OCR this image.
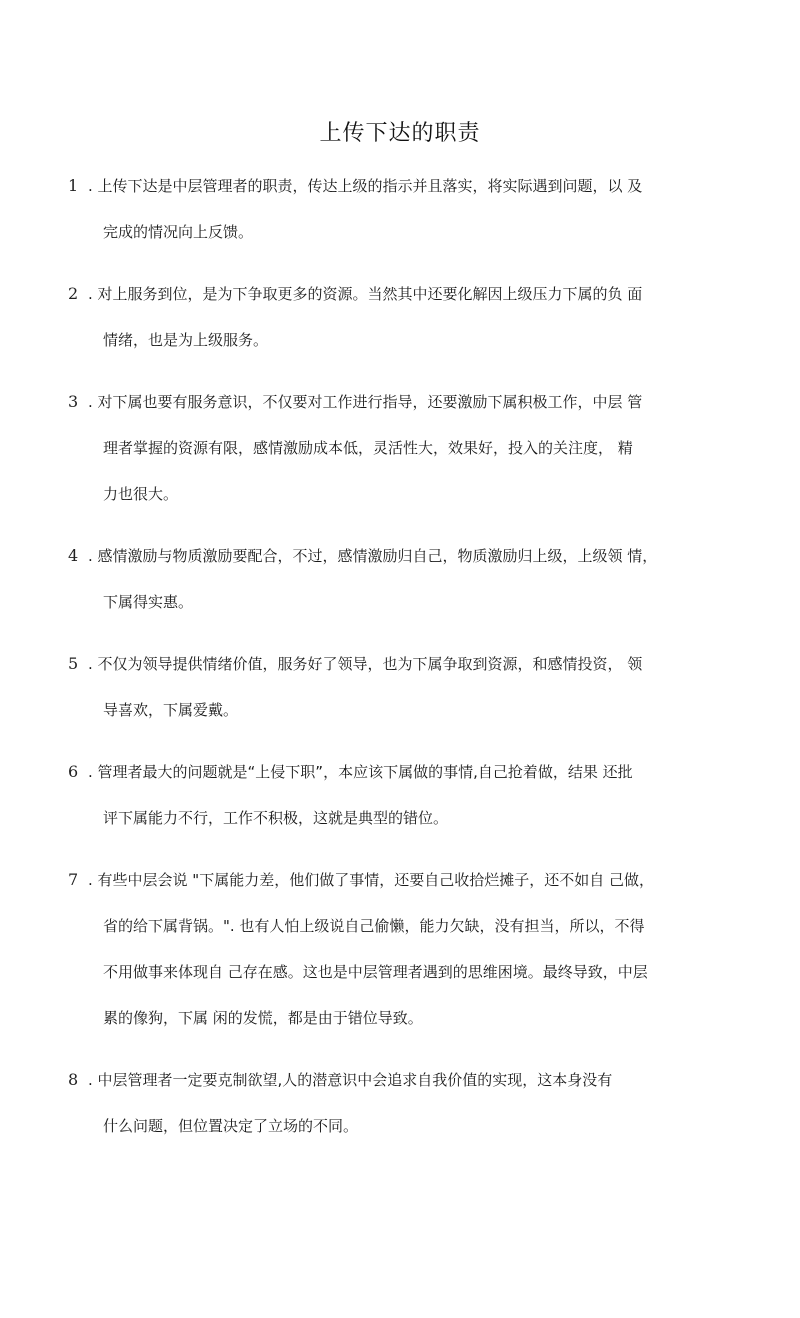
上传下达的职责
1 . 上传下达是中层管理者的职责，传达上级的指示并且落实，将实际遇到问题，以 及
完成的情况向上反馈。
2 . 对上服务到位，是为下争取更多的资源。当然其中还要化解因上级压力下属的负 面
情绪，也是为上级服务。
3 . 对下属也要有服务意识，不仅要对工作进行指导，还要激励下属积极工作，中层 管
理者掌握的资源有限，感情激励成本低，灵活性大，效果好，投入的关注度， 精
力也很大。
4 . 感情激励与物质激励要配合，不过，感情激励归自己，物质激励归上级，上级领 情，
下属得实惠。
5 . 不仅为领导提供情绪价值，服务好了领导，也为下属争取到资源，和感情投资， 领
导喜欢，下属爱戴。
6 . 管理者最大的问题就是“上侵下职”，本应该下属做的事情,自己抢着做，结果 还批
评下属能力不行，工作不积极，这就是典型的错位。
7 . 有些中层会说 "下属能力差，他们做了事情，还要自己收拾烂摊子，还不如自 己做，
省的给下属背锅。". 也有人怕上级说自己偷懒，能力欠缺，没有担当，所以，不得
不用做事来体现自 己存在感。这也是中层管理者遇到的思维困境。最终导致，中层
累的像狗，下属 闲的发慌，都是由于错位导致。
8 . 中层管理者一定要克制欲望,人的潜意识中会追求自我价值的实现，这本身没有
什么问题，但位置决定了立场的不同。
